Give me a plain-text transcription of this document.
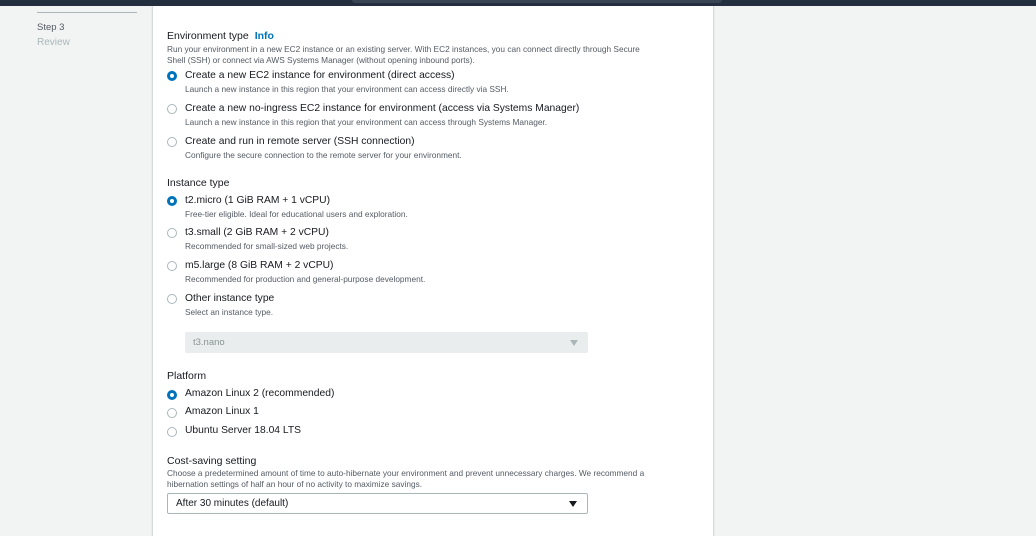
Step 3
Review
Environment type Info
Run your environment in a new EC2 instance or an existing server. With EC2 instances, you can connect directly through Secure
Shell (SSH) or connect via AWS Systems Manager (without opening inbound ports).
Create a new EC2 instance for environment (direct access)
Launch a new instance in this region that your environment can access directly via SSH.
Create a new no-ingress EC2 instance for environment (access via Systems Manager)
Launch a new instance in this region that your environment can access through Systems Manager.
Create and run in remote server (SSH connection)
Configure the secure connection to the remote server for your environment.
Instance type
t2.micro (1 GiB RAM + 1 vCPU)
Free-tier eligible. Ideal for educational users and exploration.
t3.small (2 GiB RAM + 2 vCPU)
Recommended for small-sized web projects.
m5.large (8 GiB RAM + 2 vCPU)
Recommended for production and general-purpose development.
Other instance type
Select an instance type.
t3.nano
Platform
Amazon Linux 2 (recommended)
Amazon Linux 1
Ubuntu Server 18.04 LTS
Cost-saving setting
Choose a predetermined amount of time to auto-hibernate your environment and prevent unnecessary charges. We recommend a
hibernation settings of half an hour of no activity to maximize savings.
After 30 minutes (default)
